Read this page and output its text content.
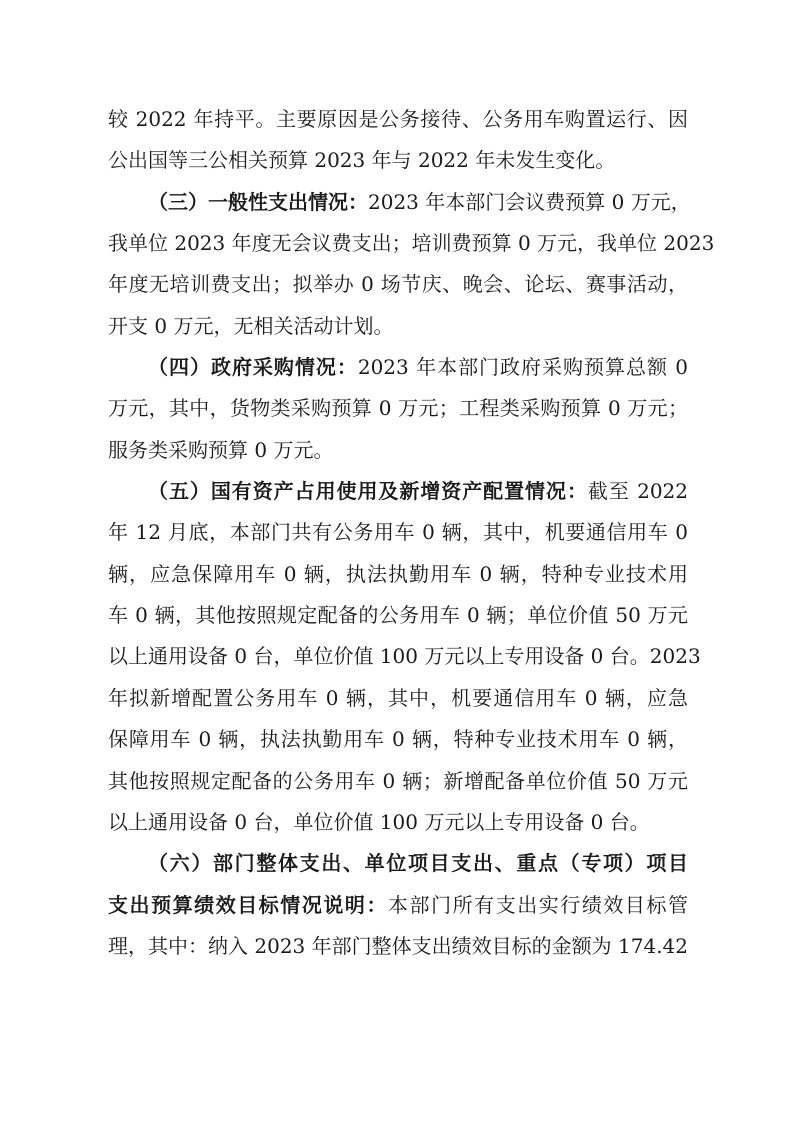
较 2022 年持平。主要原因是公务接待、公务用车购置运行、因
公出国等三公相关预算 2023 年与 2022 年未发生变化。
（三）一般性支出情况：2023 年本部门会议费预算 0 万元，
我单位 2023 年度无会议费支出；培训费预算 0 万元，我单位 2023
年度无培训费支出；拟举办 0 场节庆、晚会、论坛、赛事活动，
开支 0 万元，无相关活动计划。
（四）政府采购情况：2023 年本部门政府采购预算总额 0
万元，其中，货物类采购预算 0 万元；工程类采购预算 0 万元；
服务类采购预算 0 万元。
（五）国有资产占用使用及新增资产配置情况：截至 2022
年 12 月底，本部门共有公务用车 0 辆，其中，机要通信用车 0
辆，应急保障用车 0 辆，执法执勤用车 0 辆，特种专业技术用
车 0 辆，其他按照规定配备的公务用车 0 辆；单位价值 50 万元
以上通用设备 0 台，单位价值 100 万元以上专用设备 0 台。2023
年拟新增配置公务用车 0 辆，其中，机要通信用车 0 辆，应急
保障用车 0 辆，执法执勤用车 0 辆，特种专业技术用车 0 辆，
其他按照规定配备的公务用车 0 辆；新增配备单位价值 50 万元
以上通用设备 0 台，单位价值 100 万元以上专用设备 0 台。
（六）部门整体支出、单位项目支出、重点（专项）项目
支出预算绩效目标情况说明：本部门所有支出实行绩效目标管
理，其中：纳入 2023 年部门整体支出绩效目标的金额为 174.42
